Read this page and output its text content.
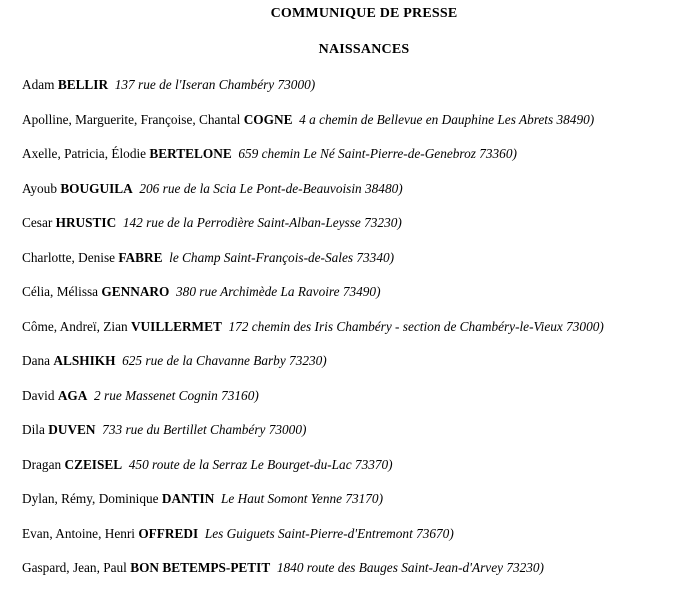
COMMUNIQUE DE PRESSE
NAISSANCES
Adam BELLIR 137 rue de l'Iseran Chambéry 73000)
Apolline, Marguerite, Françoise, Chantal COGNE 4 a chemin de Bellevue en Dauphine Les Abrets 38490)
Axelle, Patricia, Élodie BERTELONE 659 chemin Le Né Saint-Pierre-de-Genebroz 73360)
Ayoub BOUGUILA 206 rue de la Scia Le Pont-de-Beauvoisin 38480)
Cesar HRUSTIC 142 rue de la Perrodière Saint-Alban-Leysse 73230)
Charlotte, Denise FABRE le Champ Saint-François-de-Sales 73340)
Célia, Mélissa GENNARO 380 rue Archimède La Ravoire 73490)
Côme, Andreï, Zian VUILLERMET 172 chemin des Iris Chambéry - section de Chambéry-le-Vieux 73000)
Dana ALSHIKH 625 rue de la Chavanne Barby 73230)
David AGA 2 rue Massenet Cognin 73160)
Dila DUVEN 733 rue du Bertillet Chambéry 73000)
Dragan CZEISEL 450 route de la Serraz Le Bourget-du-Lac 73370)
Dylan, Rémy, Dominique DANTIN Le Haut Somont Yenne 73170)
Evan, Antoine, Henri OFFREDI Les Guiguets Saint-Pierre-d'Entremont 73670)
Gaspard, Jean, Paul BON BETEMPS-PETIT 1840 route des Bauges Saint-Jean-d'Arvey 73230)
